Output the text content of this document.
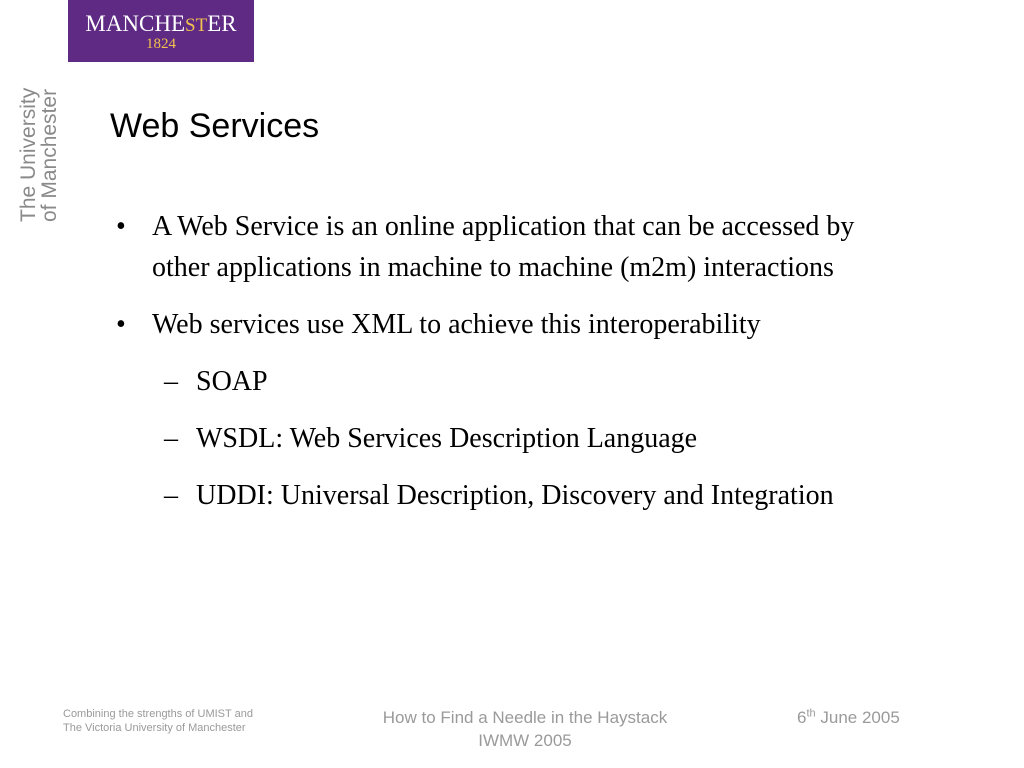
MANCHESTER
1824
The University
of Manchester Web Services
• A Web Service is an online application that can be accessed by other applications in machine to machine (m2m) interactions
• Web services use XML to achieve this interoperability
– SOAP
– WSDL: Web Services Description Language
– UDDI: Universal Description, Discovery and Integration
Combining the strengths of UMIST and
The Victoria University of Manchester
How to Find a Needle in the Haystack
IWMW 2005
6th June 2005
